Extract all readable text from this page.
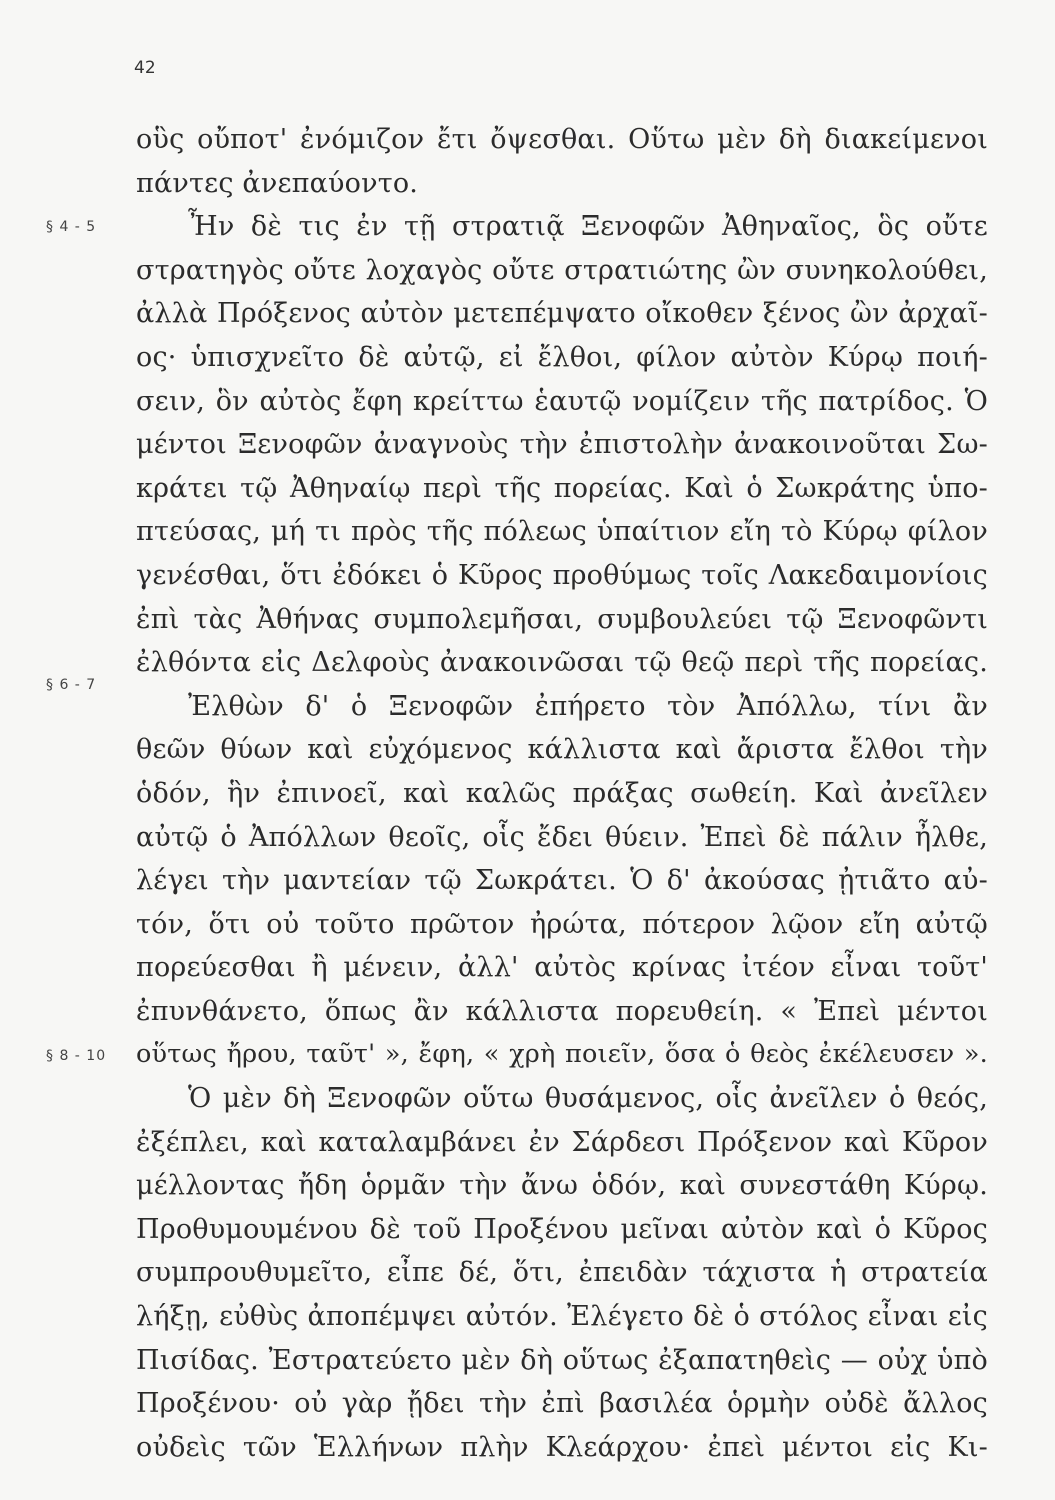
42
§ 4 - 5
§ 6 - 7
§ 8 - 10
οὓς οὔποτ' ἐνόμιζον ἔτι ὄψεσθαι. Οὕτω μὲν δὴ διακείμενοι
πάντες ἀνεπαύοντο.
Ἦν δὲ τις ἐν τῇ στρατιᾷ Ξενοφῶν Ἀθηναῖος, ὃς οὔτε
στρατηγὸς οὔτε λοχαγὸς οὔτε στρατιώτης ὢν συνηκολούθει,
ἀλλὰ Πρόξενος αὐτὸν μετεπέμψατο οἴκοθεν ξένος ὢν ἀρχαῖ-
ος· ὑπισχνεῖτο δὲ αὐτῷ, εἰ ἔλθοι, φίλον αὐτὸν Κύρῳ ποιή-
σειν, ὃν αὐτὸς ἔφη κρείττω ἑαυτῷ νομίζειν τῆς πατρίδος. Ὁ
μέντοι Ξενοφῶν ἀναγνοὺς τὴν ἐπιστολὴν ἀνακοινοῦται Σω-
κράτει τῷ Ἀθηναίῳ περὶ τῆς πορείας. Καὶ ὁ Σωκράτης ὑπο-
πτεύσας, μή τι πρὸς τῆς πόλεως ὑπαίτιον εἴη τὸ Κύρῳ φίλον
γενέσθαι, ὅτι ἐδόκει ὁ Κῦρος προθύμως τοῖς Λακεδαιμονίοις
ἐπὶ τὰς Ἀθήνας συμπολεμῆσαι, συμβουλεύει τῷ Ξενοφῶντι
ἐλθόντα εἰς Δελφοὺς ἀνακοινῶσαι τῷ θεῷ περὶ τῆς πορείας.
Ἐλθὼν δ' ὁ Ξενοφῶν ἐπήρετο τὸν Ἀπόλλω, τίνι ἂν
θεῶν θύων καὶ εὐχόμενος κάλλιστα καὶ ἄριστα ἔλθοι τὴν
ὁδόν, ἣν ἐπινοεῖ, καὶ καλῶς πράξας σωθείη. Καὶ ἀνεῖλεν
αὐτῷ ὁ Ἀπόλλων θεοῖς, οἷς ἔδει θύειν. Ἐπεὶ δὲ πάλιν ἦλθε,
λέγει τὴν μαντείαν τῷ Σωκράτει. Ὁ δ' ἀκούσας ᾐτιᾶτο αὐ-
τόν, ὅτι οὐ τοῦτο πρῶτον ἠρώτα, πότερον λῷον εἴη αὐτῷ
πορεύεσθαι ἢ μένειν, ἀλλ' αὐτὸς κρίνας ἰτέον εἶναι τοῦτ'
ἐπυνθάνετο, ὅπως ἂν κάλλιστα πορευθείη. « Ἐπεὶ μέντοι
οὕτως ἤρου, ταῦτ' », ἔφη, « χρὴ ποιεῖν, ὅσα ὁ θεὸς ἐκέλευσεν ».
Ὁ μὲν δὴ Ξενοφῶν οὕτω θυσάμενος, οἷς ἀνεῖλεν ὁ θεός,
ἐξέπλει, καὶ καταλαμβάνει ἐν Σάρδεσι Πρόξενον καὶ Κῦρον
μέλλοντας ἤδη ὁρμᾶν τὴν ἄνω ὁδόν, καὶ συνεστάθη Κύρῳ.
Προθυμουμένου δὲ τοῦ Προξένου μεῖναι αὐτὸν καὶ ὁ Κῦρος
συμπρουθυμεῖτο, εἶπε δέ, ὅτι, ἐπειδὰν τάχιστα ἡ στρατεία
λήξῃ, εὐθὺς ἀποπέμψει αὐτόν. Ἐλέγετο δὲ ὁ στόλος εἶναι εἰς
Πισίδας. Ἐστρατεύετο μὲν δὴ οὕτως ἐξαπατηθεὶς — οὐχ ὑπὸ
Προξένου· οὐ γὰρ ᾔδει τὴν ἐπὶ βασιλέα ὁρμὴν οὐδὲ ἄλλος
οὐδεὶς τῶν Ἑλλήνων πλὴν Κλεάρχου· ἐπεὶ μέντοι εἰς Κι-
